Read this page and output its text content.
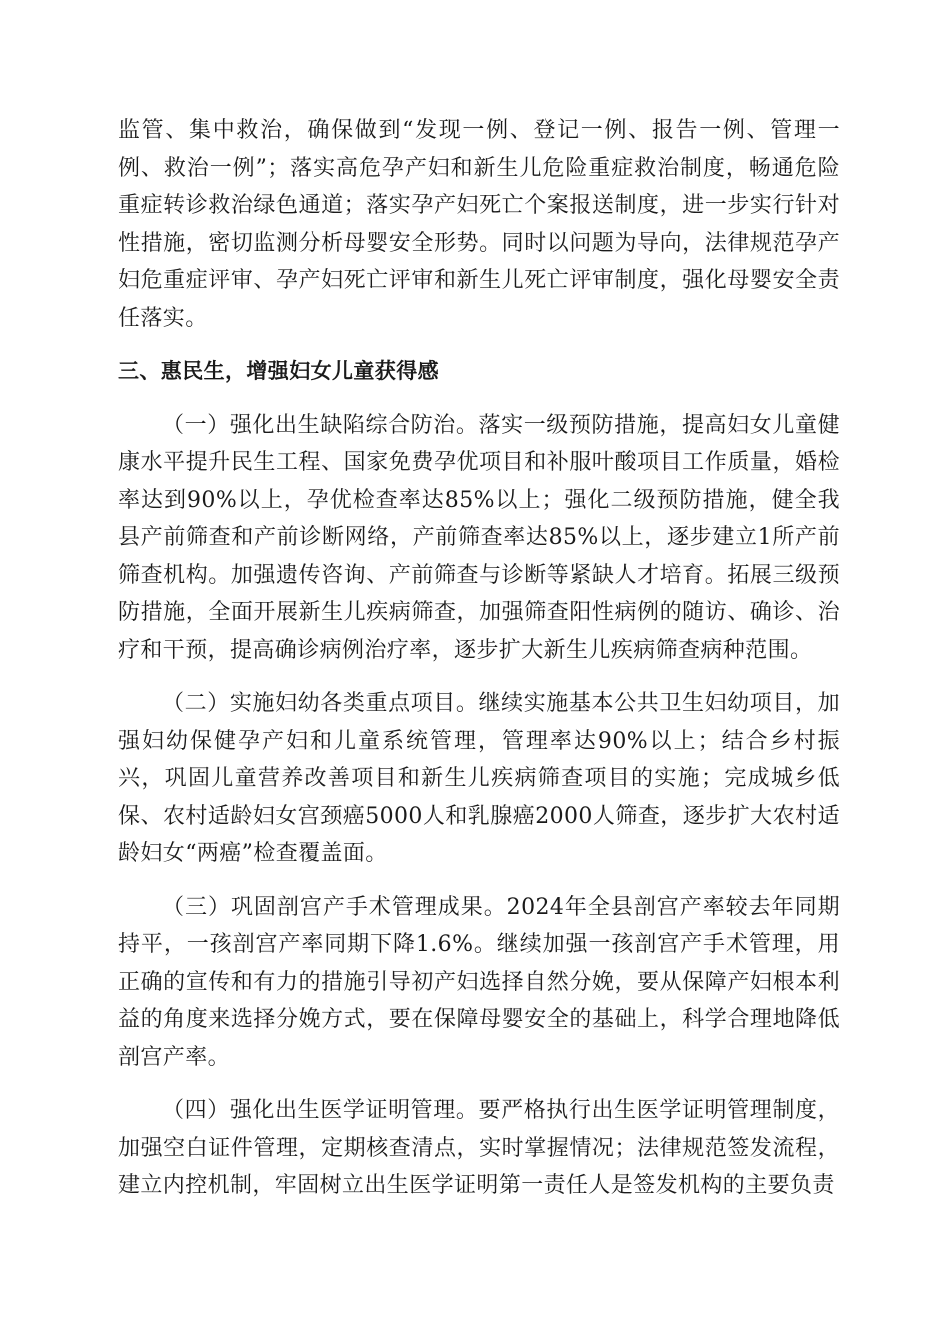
监管、集中救治，确保做到“发现一例、登记一例、报告一例、管理一例、救治一例”；落实高危孕产妇和新生儿危险重症救治制度，畅通危险重症转诊救治绿色通道；落实孕产妇死亡个案报送制度，进一步实行针对性措施，密切监测分析母婴安全形势。同时以问题为导向，法律规范孕产妇危重症评审、孕产妇死亡评审和新生儿死亡评审制度，强化母婴安全责任落实。

三、惠民生，增强妇女儿童获得感

（一）强化出生缺陷综合防治。落实一级预防措施，提高妇女儿童健康水平提升民生工程、国家免费孕优项目和补服叶酸项目工作质量，婚检率达到90%以上，孕优检查率达85%以上；强化二级预防措施，健全我县产前筛查和产前诊断网络，产前筛查率达85%以上，逐步建立1所产前筛查机构。加强遗传咨询、产前筛查与诊断等紧缺人才培育。拓展三级预防措施，全面开展新生儿疾病筛查，加强筛查阳性病例的随访、确诊、治疗和干预，提高确诊病例治疗率，逐步扩大新生儿疾病筛查病种范围。

（二）实施妇幼各类重点项目。继续实施基本公共卫生妇幼项目，加强妇幼保健孕产妇和儿童系统管理，管理率达90%以上；结合乡村振兴，巩固儿童营养改善项目和新生儿疾病筛查项目的实施；完成城乡低保、农村适龄妇女宫颈癌5000人和乳腺癌2000人筛查，逐步扩大农村适龄妇女“两癌”检查覆盖面。

（三）巩固剖宫产手术管理成果。2024年全县剖宫产率较去年同期持平，一孩剖宫产率同期下降1.6%。继续加强一孩剖宫产手术管理，用正确的宣传和有力的措施引导初产妇选择自然分娩，要从保障产妇根本利益的角度来选择分娩方式，要在保障母婴安全的基础上，科学合理地降低剖宫产率。

（四）强化出生医学证明管理。要严格执行出生医学证明管理制度，加强空白证件管理，定期核查清点，实时掌握情况；法律规范签发流程，建立内控机制，牢固树立出生医学证明第一责任人是签发机构的主要负责
